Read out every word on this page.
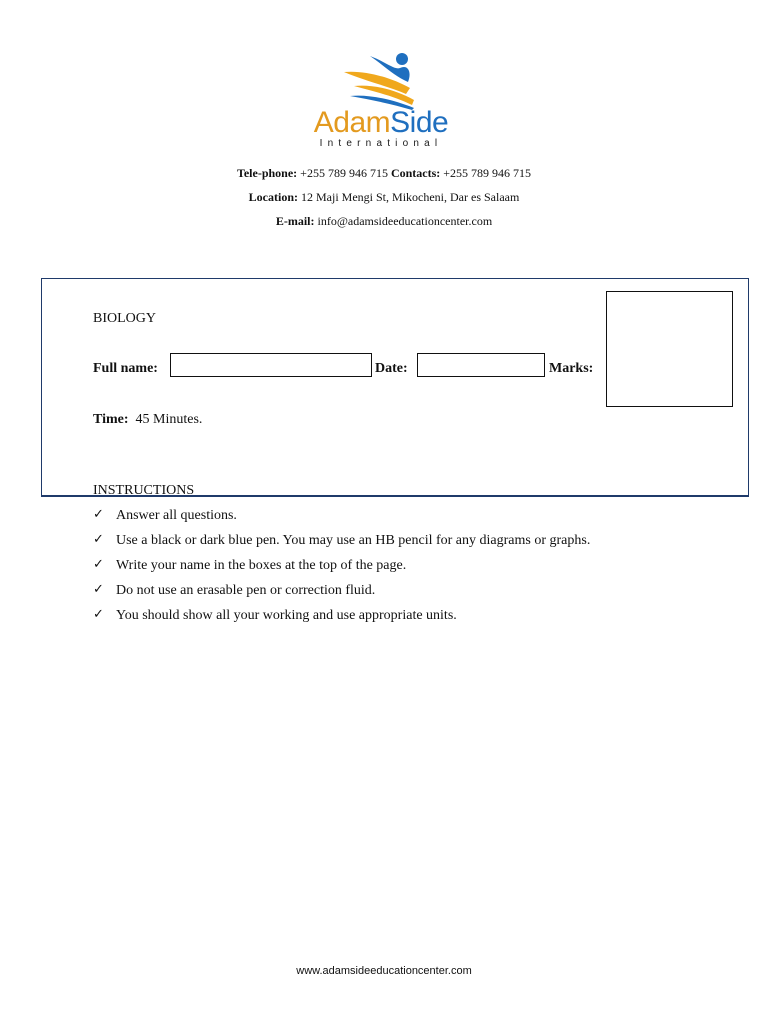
AdamSide
International
Tele-phone: +255 789 946 715 Contacts: +255 789 946 715
Location: 12 Maji Mengi St, Mikocheni, Dar es Salaam
E-mail: info@adamsideeducationcenter.com
BIOLOGY
Full name:	Date:	Marks:
Time: 45 Minutes.
INSTRUCTIONS
✓ Answer all questions.
✓ Use a black or dark blue pen. You may use an HB pencil for any diagrams or graphs.
✓ Write your name in the boxes at the top of the page.
✓ Do not use an erasable pen or correction fluid.
✓ You should show all your working and use appropriate units.
www.adamsideeducationcenter.com
